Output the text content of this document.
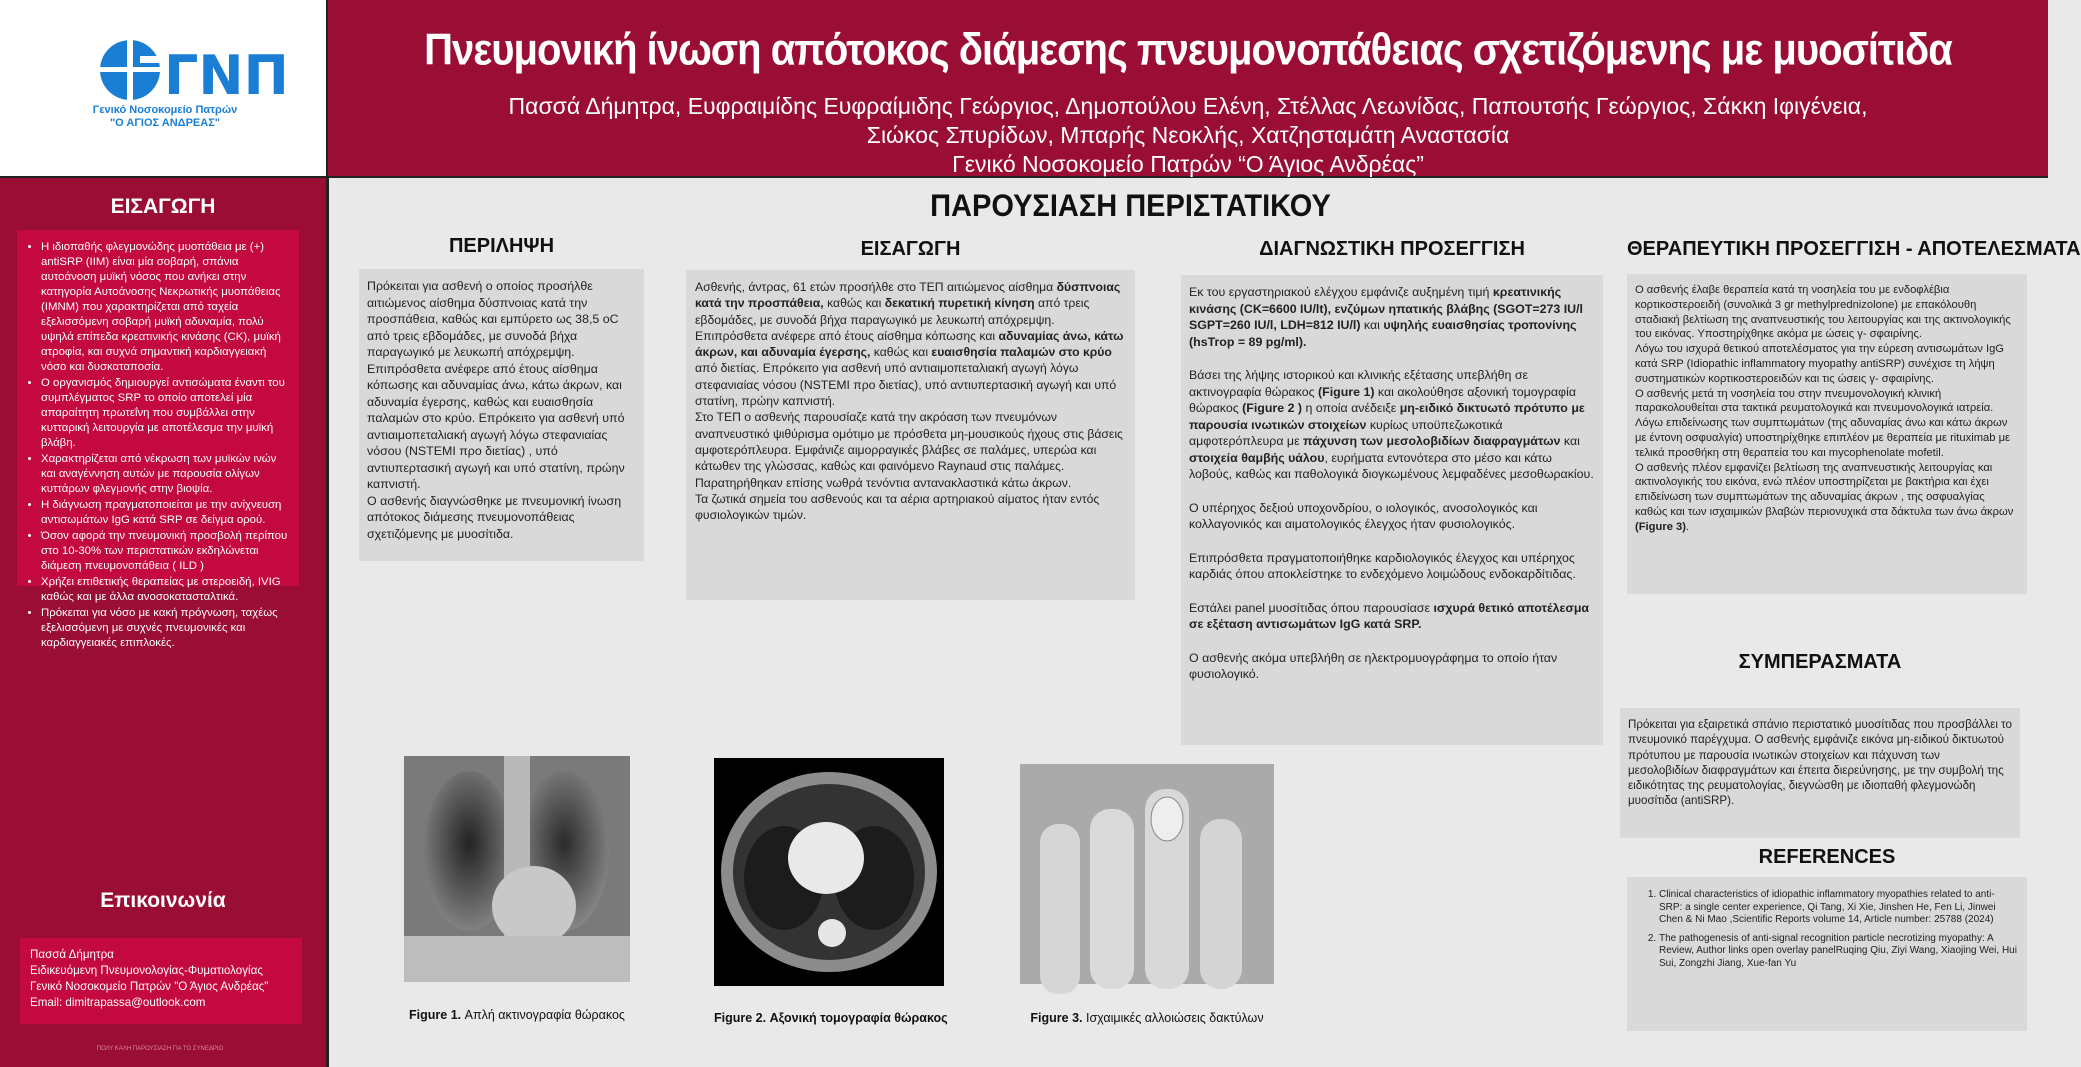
ΓΝΠ
Γενικό Νοσοκομείο Πατρών
"Ο ΑΓΙΟΣ ΑΝΔΡΕΑΣ"
Πνευμονική ίνωση απότοκος διάμεσης πνευμονοπάθειας σχετιζόμενης με μυοσίτιδα
Πασσά Δήμητρα, Ευφραιμίδης Ευφραίμιδης Γεώργιος, Δημοπούλου Ελένη, Στέλλας Λεωνίδας, Παπουτσής Γεώργιος, Σάκκη Ιφιγένεια,
Σιώκος Σπυρίδων, Μπαρής Νεοκλής, Χατζησταμάτη Αναστασία
Γενικό Νοσοκομείο Πατρών “Ο Άγιος Ανδρέας”
ΕΙΣΑΓΩΓΗ
• Η ιδιοπαθής φλεγμονώδης μυοπάθεια με (+) antiSRP (IIM) είναι μία σοβαρή, σπάνια αυτοάνοση μυϊκή νόσος που ανήκει στην κατηγορία Αυτοάνοσης Νεκρωτικής μυοπάθειας (IMNM) που χαρακτηρίζεται από ταχεία εξελισσόμενη σοβαρή μυϊκή αδυναμία, πολύ υψηλά επίπεδα κρεατινικής κινάσης (CK), μυϊκή ατροφία, και συχνά σημαντική καρδιαγγειακή νόσο και δυσκαταποσία.
• Ο οργανισμός δημιουργεί αντισώματα έναντι του συμπλέγματος SRP το οποίο αποτελεί μία απαραίτητη πρωτεΐνη που συμβάλλει στην κυτταρική λειτουργία με αποτέλεσμα την μυϊκή βλάβη.
• Χαρακτηρίζεται από νέκρωση των μυϊκών ινών και αναγέννηση αυτών με παρουσία ολίγων κυττάρων φλεγμονής στην βιοψία.
• Η διάγνωση πραγματοποιείται με την ανίχνευση αντισωμάτων IgG κατά SRP σε δείγμα ορού.
• Όσον αφορά την πνευμονική προσβολή περίπου στο 10-30% των περιστατικών εκδηλώνεται διάμεση πνευμονοπάθεια ( ILD )
• Χρήζει επιθετικής θεραπείας με στεροειδή, IVIG καθώς και με άλλα ανοσοκατασταλτικά.
• Πρόκειται για νόσο με κακή πρόγνωση, ταχέως εξελισσόμενη με συχνές πνευμονικές και καρδιαγγειακές επιπλοκές.
Επικοινωνία
Πασσά Δήμητρα
Ειδικευόμενη Πνευμονολογίας-Φυματιολογίας
Γενικό Νοσοκομείο Πατρών "Ο Άγιος Ανδρέας"
Email: dimitrapassa@outlook.com
ΠΟΛΥ ΚΑΛΗ ΠΑΡΟΥΣΙΑΣΗ ΓΙΑ ΤΟ ΣΥΝΕΔΡΙΟ
ΠΑΡΟΥΣΙΑΣΗ ΠΕΡΙΣΤΑΤΙΚΟΥ
ΠΕΡΙΛΗΨΗ
Πρόκειται για ασθενή ο οποίος προσήλθε αιτιώμενος αίσθημα δύσπνοιας κατά την προσπάθεια, καθώς και εμπύρετο ως 38,5 oC από τρεις εβδομάδες, με συνοδά βήχα παραγωγικό με λευκωπή απόχρεμψη. Επιπρόσθετα ανέφερε από έτους αίσθημα κόπωσης και αδυναμίας άνω, κάτω άκρων, και αδυναμία έγερσης, καθώς και ευαισθησία παλαμών στο κρύο. Επρόκειτο για ασθενή υπό αντιαιμοπεταλιακή αγωγή λόγω στεφανιαίας νόσου (NSTEMI προ διετίας) , υπό αντιυπερτασική αγωγή και υπό στατίνη, πρώην καπνιστή.
Ο ασθενής διαγνώσθηκε με πνευμονική ίνωση απότοκος διάμεσης πνευμονοπάθειας σχετιζόμενης με μυοσίτιδα.
ΕΙΣΑΓΩΓΗ
Ασθενής, άντρας, 61 ετών προσήλθε στο ΤΕΠ αιτιώμενος αίσθημα δύσπνοιας κατά την προσπάθεια, καθώς και δεκατική πυρετική κίνηση από τρεις εβδομάδες, με συνοδά βήχα παραγωγικό με λευκωπή απόχρεμψη. Επιπρόσθετα ανέφερε από έτους αίσθημα κόπωσης και αδυναμίας άνω, κάτω άκρων, και αδυναμία έγερσης, καθώς και ευαισθησία παλαμών στο κρύο από διετίας. Επρόκειτο για ασθενή υπό αντιαιμοπεταλιακή αγωγή λόγω στεφανιαίας νόσου (NSTEMI προ διετίας), υπό αντιυπερτασική αγωγή και υπό στατίνη, πρώην καπνιστή.
Στο ΤΕΠ ο ασθενής παρουσίαζε κατά την ακρόαση των πνευμόνων αναπνευστικό ψιθύρισμα ομότιμο με πρόσθετα μη-μουσικούς ήχους στις βάσεις αμφοτερόπλευρα. Εμφάνιζε αιμορραγικές βλάβες σε παλάμες, υπερώα και κάτωθεν της γλώσσας, καθώς και φαινόμενο Raynaud στις παλάμες. Παρατηρήθηκαν επίσης νωθρά τενόντια αντανακλαστικά κάτω άκρων.
Τα ζωτικά σημεία του ασθενούς και τα αέρια αρτηριακού αίματος ήταν εντός φυσιολογικών τιμών.
ΔΙΑΓΝΩΣΤΙΚΗ ΠΡΟΣΕΓΓΙΣΗ
Εκ του εργαστηριακού ελέγχου εμφάνιζε αυξημένη τιμή κρεατινικής κινάσης (CK=6600 IU/lt), ενζύμων ηπατικής βλάβης (SGOT=273 IU/l SGPT=260 IU/l, LDH=812 IU/l) και υψηλής ευαισθησίας τροπονίνης (hsTrop = 89 pg/ml).
Βάσει της λήψης ιστορικού και κλινικής εξέτασης υπεβλήθη σε ακτινογραφία θώρακος (Figure 1) και ακολούθησε αξονική τομογραφία θώρακος (Figure 2 ) η οποία ανέδειξε μη-ειδικό δικτυωτό πρότυπο με παρουσία ινωτικών στοιχείων κυρίως υποϋπεζωκοτικά αμφοτερόπλευρα με πάχυνση των μεσολοβιδίων διαφραγμάτων και στοιχεία θαμβής υάλου, ευρήματα εντονότερα στο μέσο και κάτω λοβούς, καθώς και παθολογικά διογκωμένους λεμφαδένες μεσοθωρακίου.
Ο υπέρηχος δεξιού υποχονδρίου, ο ιολογικός, ανοσολογικός και κολλαγονικός και αιματολογικός έλεγχος ήταν φυσιολογικός.
Επιπρόσθετα πραγματοποιήθηκε καρδιολογικός έλεγχος και υπέρηχος καρδιάς όπου αποκλείστηκε το ενδεχόμενο λοιμώδους ενδοκαρδίτιδας.
Εστάλει panel μυοσίτιδας όπου παρουσίασε ισχυρά θετικό αποτέλεσμα σε εξέταση αντισωμάτων IgG κατά SRP.
Ο ασθενής ακόμα υπεβλήθη σε ηλεκτρομυογράφημα το οποίο ήταν φυσιολογικό.
ΘΕΡΑΠΕΥΤΙΚΗ ΠΡΟΣΕΓΓΙΣΗ - ΑΠΟΤΕΛΕΣΜΑΤΑ
Ο ασθενής έλαβε θεραπεία κατά τη νοσηλεία του με ενδοφλέβια κορτικοστεροειδή (συνολικά 3 gr methylprednizolone) με επακόλουθη σταδιακή βελτίωση της αναπνευστικής του λειτουργίας και της ακτινολογικής του εικόνας. Υποστηρίχθηκε ακόμα με ώσεις γ- σφαιρίνης.
Λόγω του ισχυρά θετικού αποτελέσματος για την εύρεση αντισωμάτων IgG κατά SRP (Idiopathic inflammatory myopathy antiSRP) συνέχισε τη λήψη συστηματικών κορτικοστεροειδών και τις ώσεις γ- σφαιρίνης.
Ο ασθενής μετά τη νοσηλεία του στην πνευμονολογική κλινική παρακολουθείται στα τακτικά ρευματολογικά και πνευμονολογικά ιατρεία.
Λόγω επιδείνωσης των συμπτωμάτων (της αδυναμίας άνω και κάτω άκρων με έντονη οσφυαλγία) υποστηρίχθηκε επιπλέον με θεραπεία με rituximab με τελικά προσθήκη στη θεραπεία του και mycophenolate mofetil.
Ο ασθενής πλέον εμφανίζει βελτίωση της αναπνευστικής λειτουργίας και ακτινολογικής του εικόνα, ενώ πλέον υποστηρίζεται με βακτήρια και έχει επιδείνωση των συμπτωμάτων της αδυναμίας άκρων , της οσφυαλγίας καθώς και των ισχαιμικών βλαβών περιονυχικά στα δάκτυλα των άνω άκρων (Figure 3).
ΣΥΜΠΕΡΑΣΜΑΤΑ
Πρόκειται για εξαιρετικά σπάνιο περιστατικό μυοσίτιδας που προσβάλλει το πνευμονικό παρέγχυμα. Ο ασθενής εμφάνιζε εικόνα μη-ειδικού δικτυωτού πρότυπου με παρουσία ινωτικών στοιχείων και πάχυνση των μεσολοβιδίων διαφραγμάτων και έπειτα διερεύνησης, με την συμβολή της ειδικότητας της ρευματολογίας, διεγνώσθη με ιδιοπαθή φλεγμονώδη μυοσίτιδα (antiSRP).
REFERENCES
1. Clinical characteristics of idiopathic inflammatory myopathies related to anti-SRP: a single center experience, Qi Tang, Xi Xie, Jinshen He, Fen Li, Jinwei Chen & Ni Mao ,Scientific Reports volume 14, Article number: 25788 (2024)
2. The pathogenesis of anti-signal recognition particle necrotizing myopathy: A Review, Author links open overlay panelRuqing Qiu, Ziyi Wang, Xiaojing Wei, Hui Sui, Zongzhi Jiang, Xue-fan Yu
Figure 1. Απλή ακτινογραφία θώρακος	Figure 2. Αξονική τομογραφία θώρακος	Figure 3. Ισχαιμικές αλλοιώσεις δακτύλων
